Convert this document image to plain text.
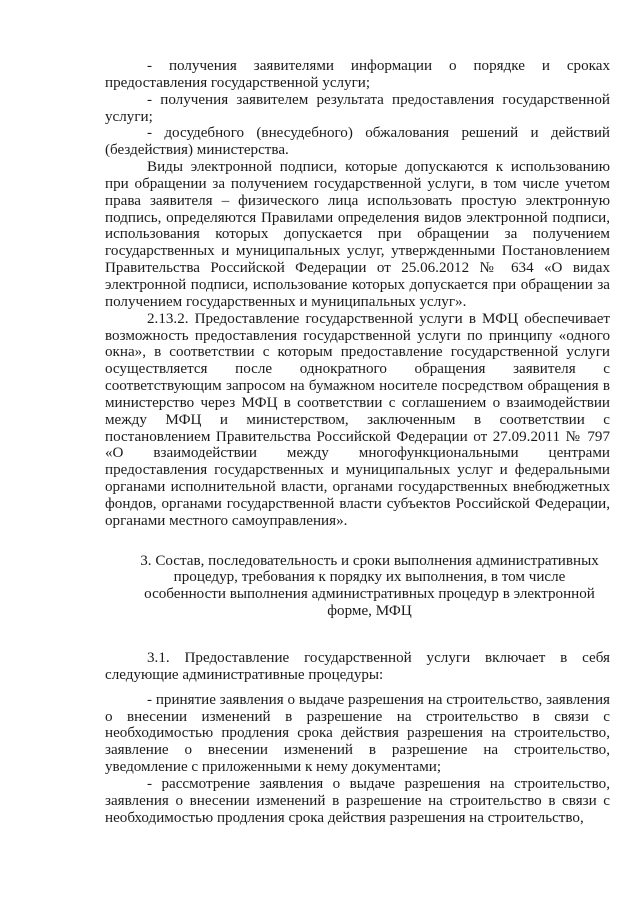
- получения заявителями информации о порядке и сроках предоставления государственной услуги;

- получения заявителем результата предоставления государственной услуги;

- досудебного (внесудебного) обжалования решений и действий (бездействия) министерства.

Виды электронной подписи, которые допускаются к использованию при обращении за получением государственной услуги, в том числе учетом права заявителя – физического лица использовать простую электронную подпись, определяются Правилами определения видов электронной подписи, использования которых допускается при обращении за получением государственных и муниципальных услуг, утвержденными Постановлением Правительства Российской Федерации от 25.06.2012 № 634 «О видах электронной подписи, использование которых допускается при обращении за получением государственных и муниципальных услуг».

2.13.2. Предоставление государственной услуги в МФЦ обеспечивает возможность предоставления государственной услуги по принципу «одного окна», в соответствии с которым предоставление государственной услуги осуществляется после однократного обращения заявителя с соответствующим запросом на бумажном носителе посредством обращения в министерство через МФЦ в соответствии с соглашением о взаимодействии между МФЦ и министерством, заключенным в соответствии с постановлением Правительства Российской Федерации от 27.09.2011 № 797 «О взаимодействии между многофункциональными центрами предоставления государственных и муниципальных услуг и федеральными органами исполнительной власти, органами государственных внебюджетных фондов, органами государственной власти субъектов Российской Федерации, органами местного самоуправления».

3. Состав, последовательность и сроки выполнения административных процедур, требования к порядку их выполнения, в том числе особенности выполнения административных процедур в электронной форме, МФЦ

3.1. Предоставление государственной услуги включает в себя следующие административные процедуры:

- принятие заявления о выдаче разрешения на строительство, заявления о внесении изменений в разрешение на строительство в связи с необходимостью продления срока действия разрешения на строительство, заявление о внесении изменений в разрешение на строительство, уведомление с приложенными к нему документами;

- рассмотрение заявления о выдаче разрешения на строительство, заявления о внесении изменений в разрешение на строительство в связи с необходимостью продления срока действия разрешения на строительство,
